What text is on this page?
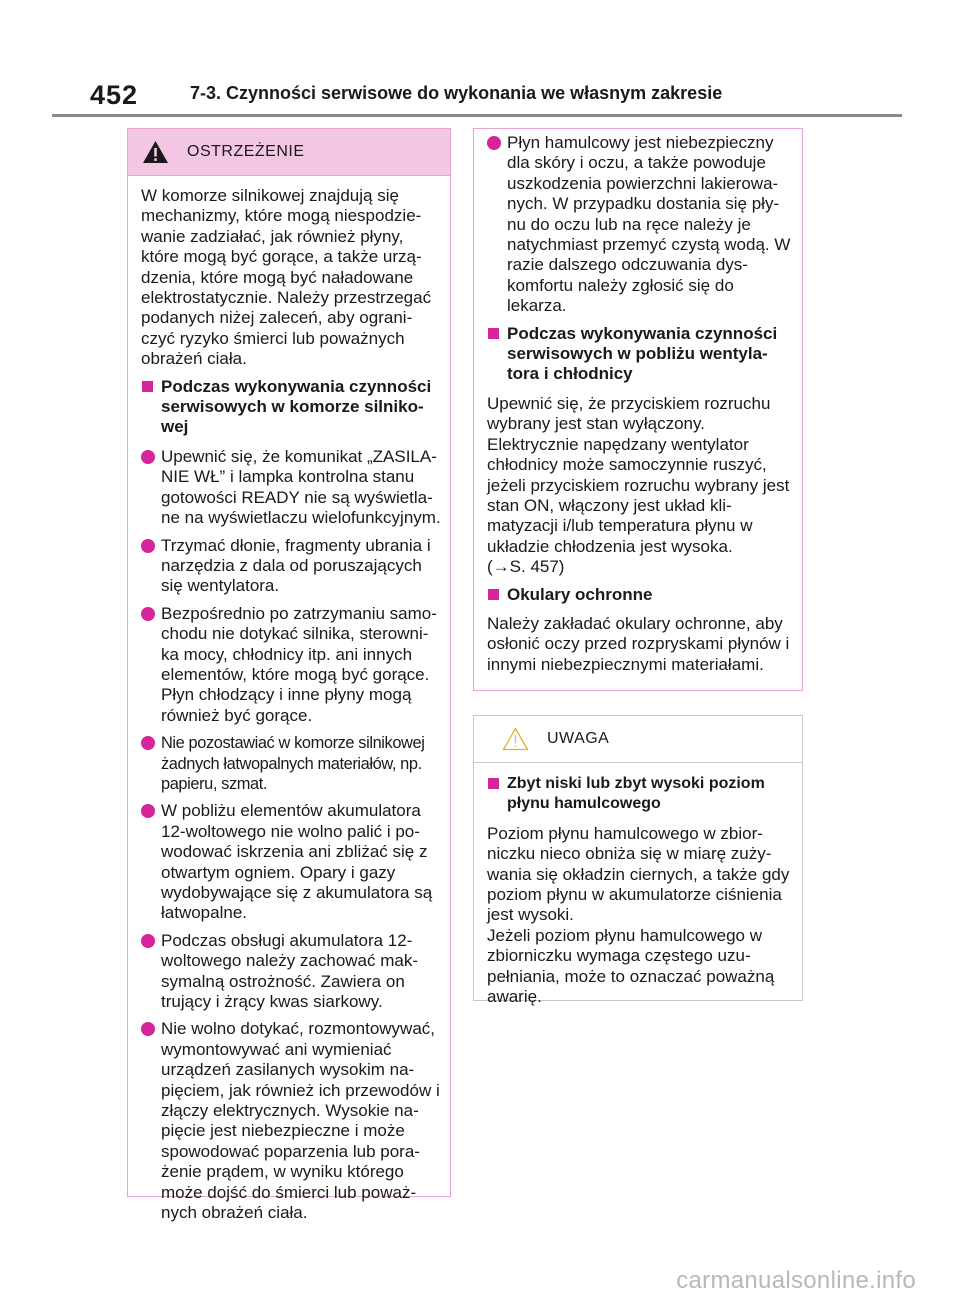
452	7-3. Czynności serwisowe do wykonania we własnym zakresie
OSTRZEŻENIE

W komorze silnikowej znajdują się mechanizmy, które mogą niespodzie-wanie zadziałać, jak również płyny, które mogą być gorące, a także urzą-dzenia, które mogą być naładowane elektrostatycznie. Należy przestrzegać podanych niżej zaleceń, aby ograni-czyć ryzyko śmierci lub poważnych obrażeń ciała.

Podczas wykonywania czynności serwisowych w komorze silniko-wej

Upewnić się, że komunikat „ZASILA-NIE WŁ” i lampka kontrolna stanu gotowości READY nie są wyświetla-ne na wyświetlaczu wielofunkcyjnym.

Trzymać dłonie, fragmenty ubrania i narzędzia z dala od poruszających się wentylatora.

Bezpośrednio po zatrzymaniu samo-chodu nie dotykać silnika, sterowni-ka mocy, chłodnicy itp. ani innych elementów, które mogą być gorące. Płyn chłodzący i inne płyny mogą również być gorące.

Nie pozostawiać w komorze silnikowej żadnych łatwopalnych materiałów, np. papieru, szmat.

W pobliżu elementów akumulatora 12-woltowego nie wolno palić i po-wodować iskrzenia ani zbliżać się z otwartym ogniem. Opary i gazy wydobywające się z akumulatora są łatwopalne.

Podczas obsługi akumulatora 12-woltowego należy zachować mak-symalną ostrożność. Zawiera on trujący i żrący kwas siarkowy.

Nie wolno dotykać, rozmontowywać, wymontowywać ani wymieniać urządzeń zasilanych wysokim na-pięciem, jak również ich przewodów i złączy elektrycznych. Wysokie na-pięcie jest niebezpieczne i może spowodować poparzenia lub pora-żenie prądem, w wyniku którego może dojść do śmierci lub poważ-nych obrażeń ciała.

Płyn hamulcowy jest niebezpieczny dla skóry i oczu, a także powoduje uszkodzenia powierzchni lakierowa-nych. W przypadku dostania się pły-nu do oczu lub na ręce należy je natychmiast przemyć czystą wodą. W razie dalszego odczuwania dys-komfortu należy zgłosić się do lekarza.

Podczas wykonywania czynności serwisowych w pobliżu wentyla-tora i chłodnicy

Upewnić się, że przyciskiem rozruchu wybrany jest stan wyłączony. Elektrycznie napędzany wentylator chłodnicy może samoczynnie ruszyć, jeżeli przyciskiem rozruchu wybrany jest stan ON, włączony jest układ kli-matyzacji i/lub temperatura płynu w układzie chłodzenia jest wysoka.

(→S. 457)

Okulary ochronne

Należy zakładać okulary ochronne, aby osłonić oczy przed rozpryskami płynów i innymi niebezpiecznymi materiałami.

UWAGA

Zbyt niski lub zbyt wysoki poziom płynu hamulcowego

Poziom płynu hamulcowego w zbior-niczku nieco obniża się w miarę zuży-wania się okładzin ciernych, a także gdy poziom płynu w akumulatorze ciśnienia jest wysoki.

Jeżeli poziom płynu hamulcowego w zbiorniczku wymaga częstego uzu-pełniania, może to oznaczać poważną awarię.

carmanualsonline.info
